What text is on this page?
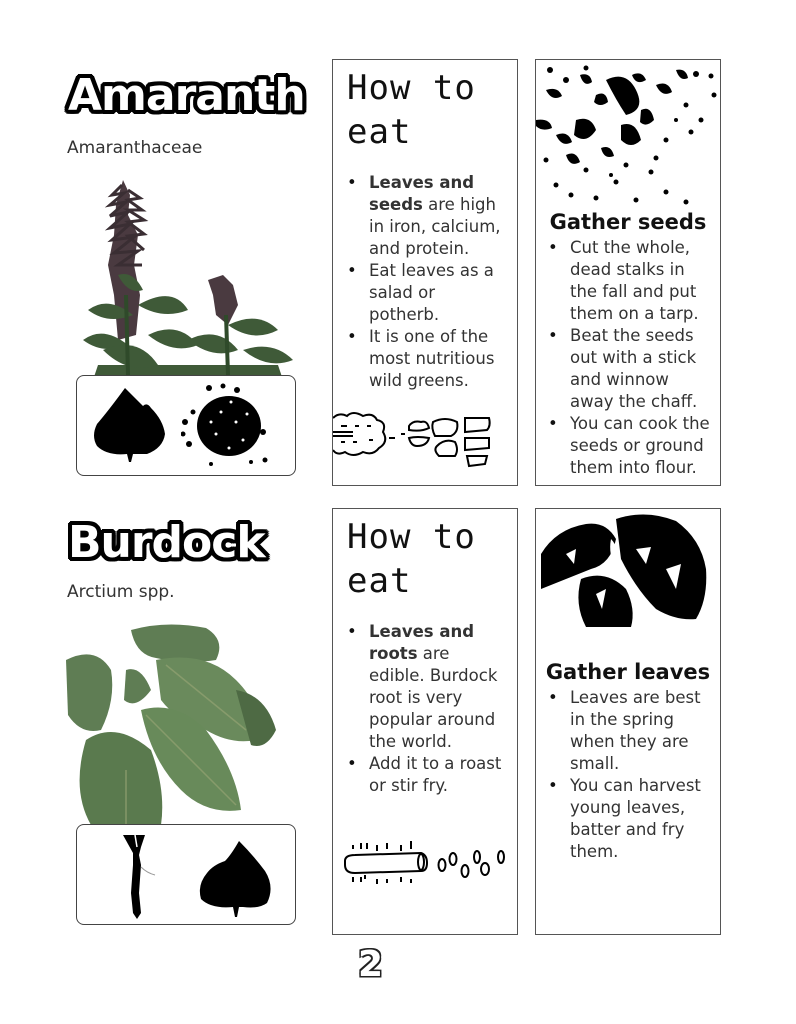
Amaranth
Amaranthaceae
How to
eat
• Leaves and seeds are high in iron, calcium, and protein.
• Eat leaves as a salad or potherb.
• It is one of the most nutritious wild greens.
Gather seeds
• Cut the whole, dead stalks in the fall and put them on a tarp.
• Beat the seeds out with a stick and winnow away the chaff.
• You can cook the seeds or ground them into flour.
Burdock
Arctium spp.
How to
eat
• Leaves and roots are edible. Burdock root is very popular around the world.
• Add it to a roast or stir fry.
Gather leaves
• Leaves are best in the spring when they are small.
• You can harvest young leaves, batter and fry them.
2
